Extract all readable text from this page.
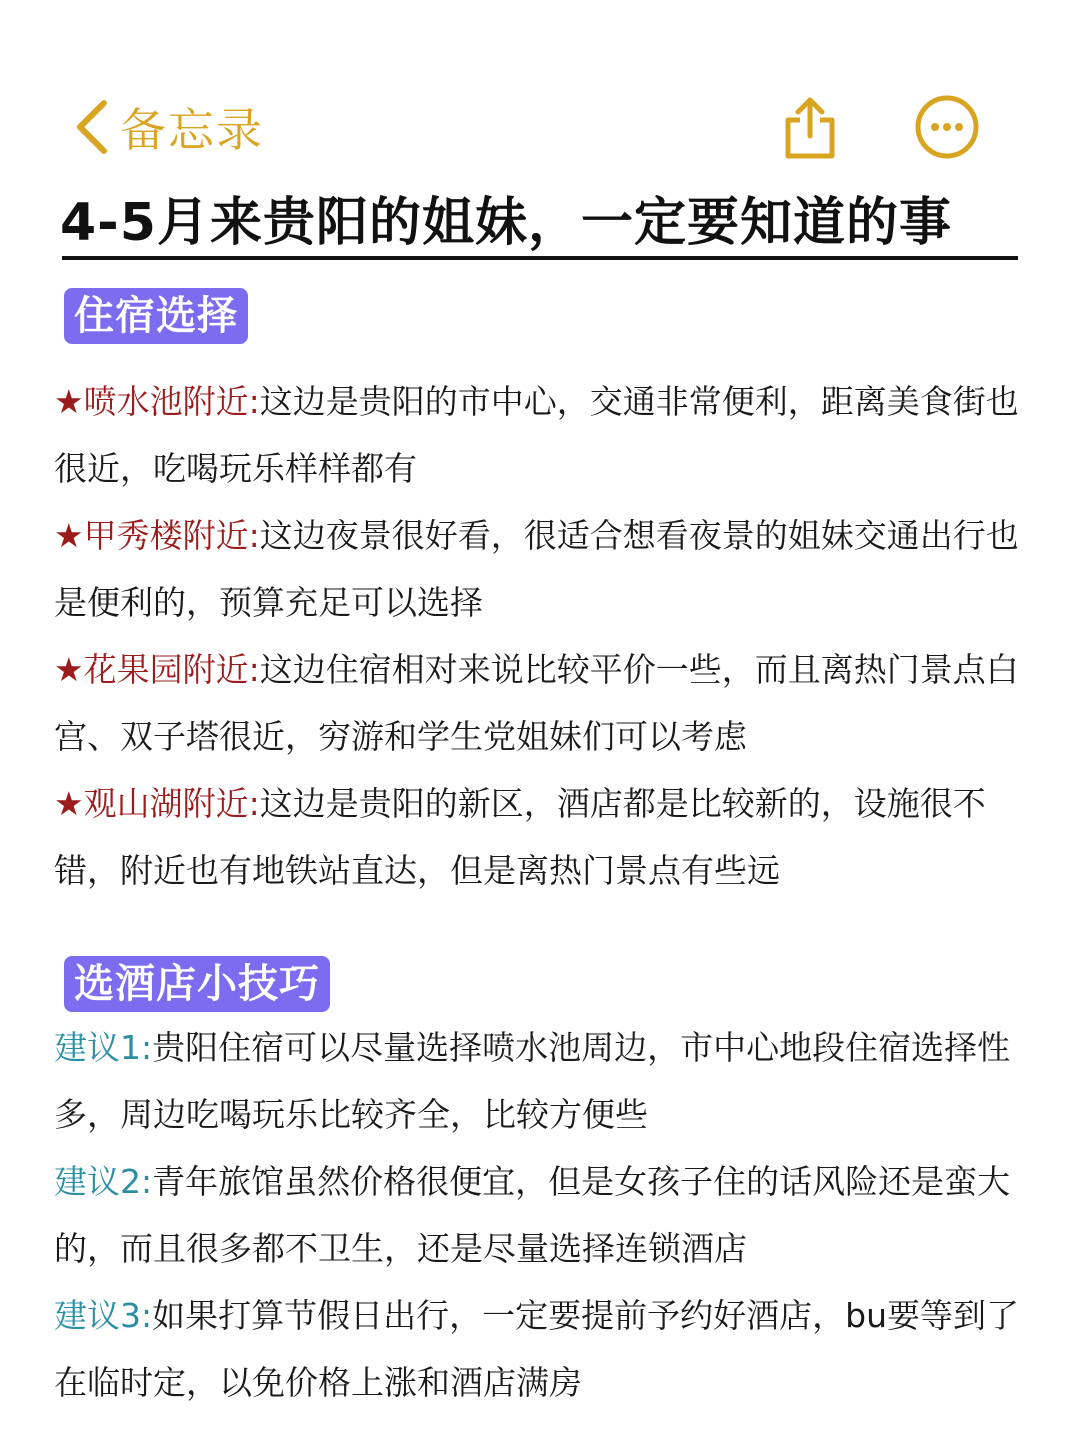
备忘录
4-5月来贵阳的姐妹，一定要知道的事
住宿选择

★喷水池附近:这边是贵阳的市中心，交通非常便利，距离美食街也很近，吃喝玩乐样样都有

★甲秀楼附近:这边夜景很好看，很适合想看夜景的姐妹交通出行也是便利的，预算充足可以选择

★花果园附近:这边住宿相对来说比较平价一些，而且离热门景点白宫、双子塔很近，穷游和学生党姐妹们可以考虑

★观山湖附近:这边是贵阳的新区，酒店都是比较新的，设施很不错，附近也有地铁站直达，但是离热门景点有些远

选酒店小技巧

建议1:贵阳住宿可以尽量选择喷水池周边，市中心地段住宿选择性多，周边吃喝玩乐比较齐全，比较方便些

建议2:青年旅馆虽然价格很便宜，但是女孩子住的话风险还是蛮大的，而且很多都不卫生，还是尽量选择连锁酒店

建议3:如果打算节假日出行，一定要提前予约好酒店，bu要等到了在临时定，以免价格上涨和酒店满房
